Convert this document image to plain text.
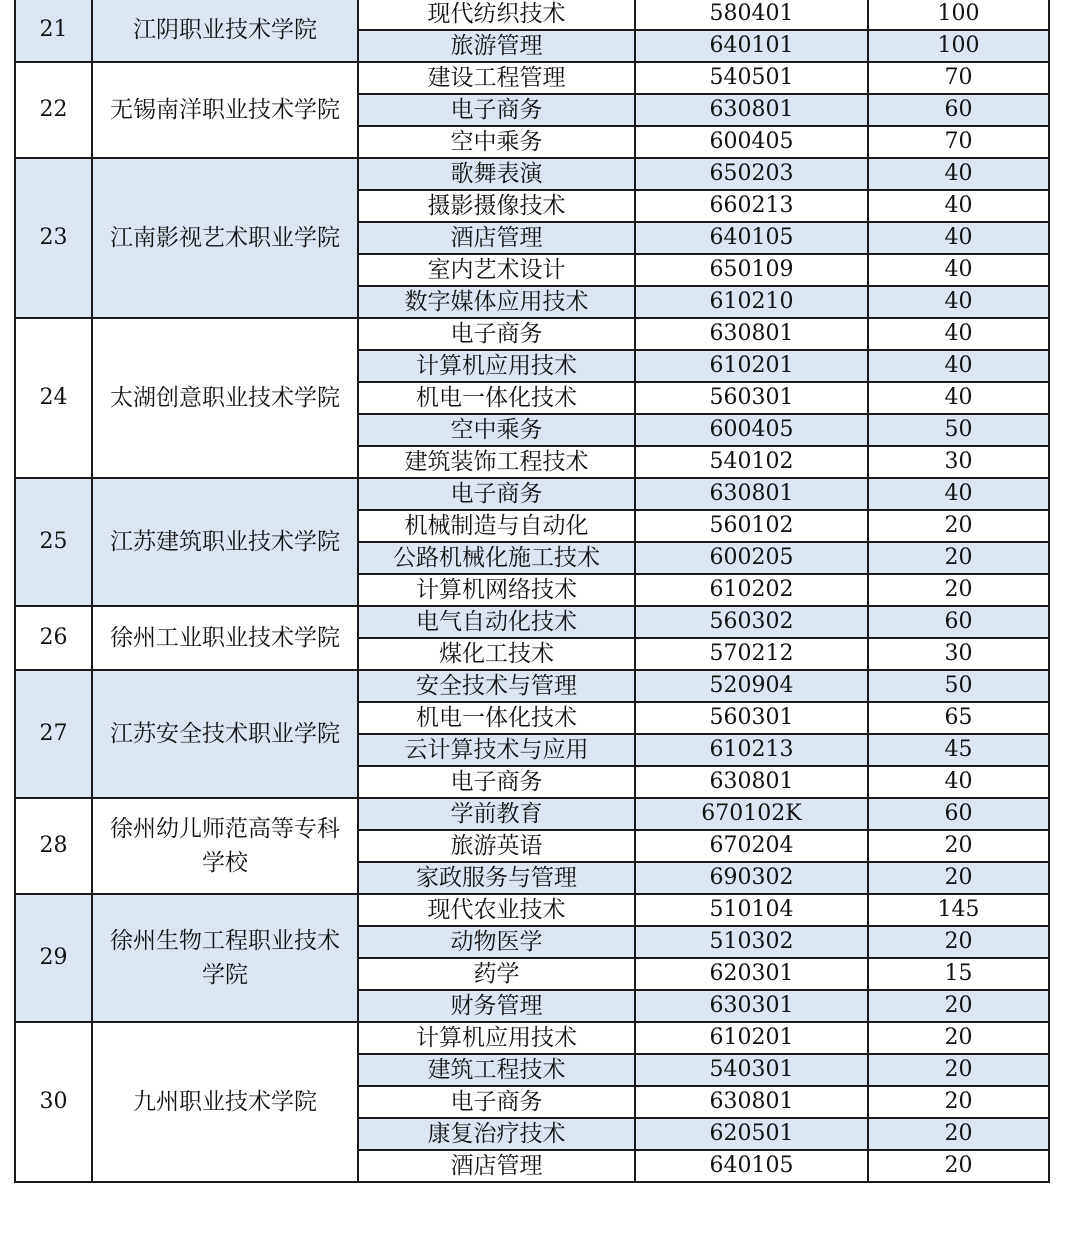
21	江阴职业技术学院	现代纺织技术	580401	100
		旅游管理	640101	100
22	无锡南洋职业技术学院	建设工程管理	540501	70
		电子商务	630801	60
		空中乘务	600405	70
23	江南影视艺术职业学院	歌舞表演	650203	40
		摄影摄像技术	660213	40
		酒店管理	640105	40
		室内艺术设计	650109	40
		数字媒体应用技术	610210	40
24	太湖创意职业技术学院	电子商务	630801	40
		计算机应用技术	610201	40
		机电一体化技术	560301	40
		空中乘务	600405	50
		建筑装饰工程技术	540102	30
25	江苏建筑职业技术学院	电子商务	630801	40
		机械制造与自动化	560102	20
		公路机械化施工技术	600205	20
		计算机网络技术	610202	20
26	徐州工业职业技术学院	电气自动化技术	560302	60
		煤化工技术	570212	30
27	江苏安全技术职业学院	安全技术与管理	520904	50
		机电一体化技术	560301	65
		云计算技术与应用	610213	45
		电子商务	630801	40
28	徐州幼儿师范高等专科学校	学前教育	670102K	60
		旅游英语	670204	20
		家政服务与管理	690302	20
29	徐州生物工程职业技术学院	现代农业技术	510104	145
		动物医学	510302	20
		药学	620301	15
		财务管理	630301	20
30	九州职业技术学院	计算机应用技术	610201	20
		建筑工程技术	540301	20
		电子商务	630801	20
		康复治疗技术	620501	20
		酒店管理	640105	20
